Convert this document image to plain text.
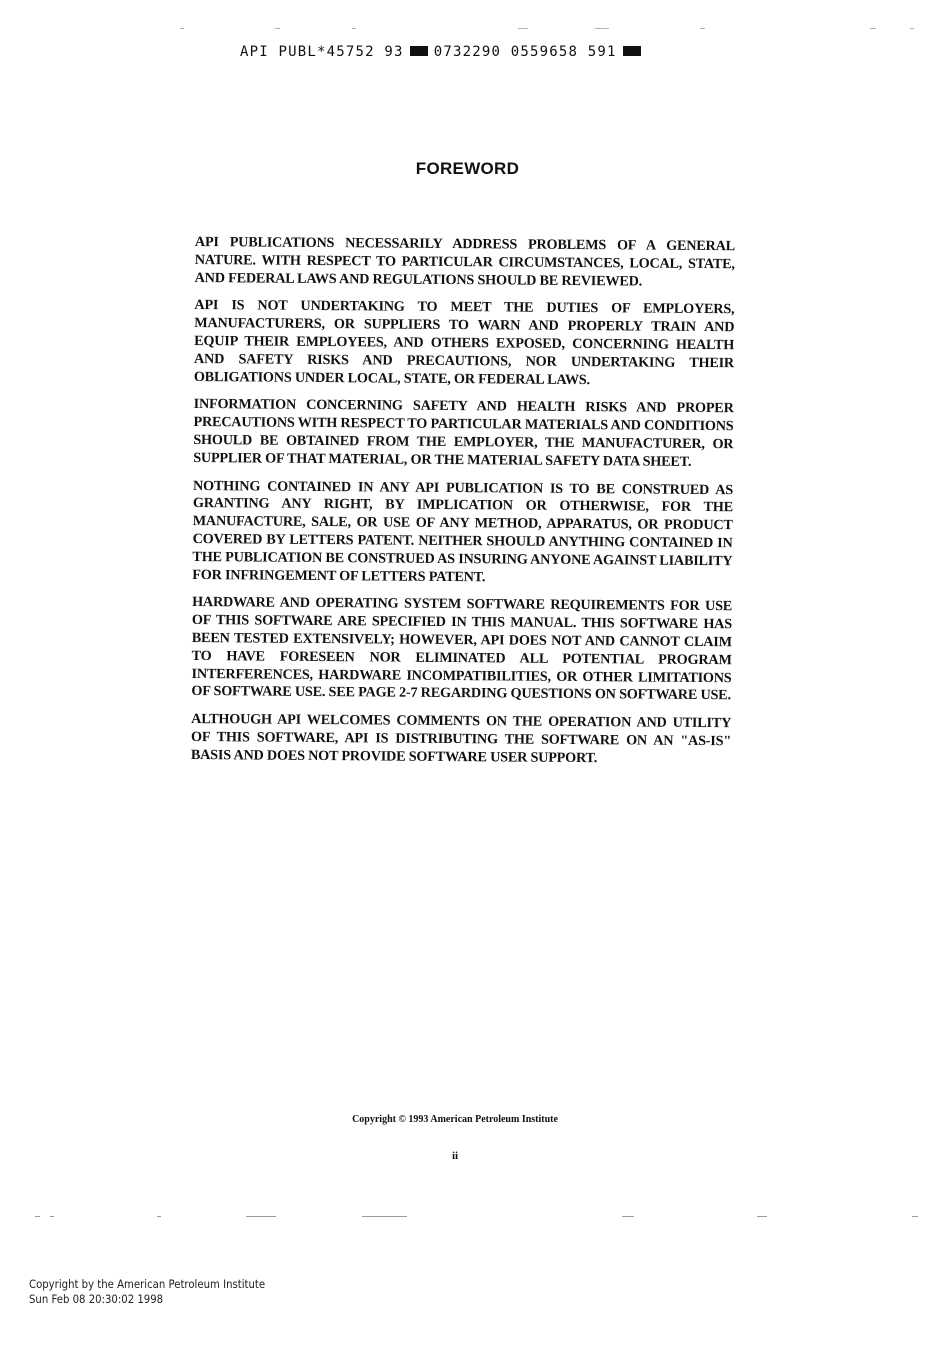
API PUBL*45752 93 0732290 0559658 591
FOREWORD

API PUBLICATIONS NECESSARILY ADDRESS PROBLEMS OF A GENERAL NATURE. WITH RESPECT TO PARTICULAR CIRCUMSTANCES, LOCAL, STATE, AND FEDERAL LAWS AND REGULATIONS SHOULD BE REVIEWED.

API IS NOT UNDERTAKING TO MEET THE DUTIES OF EMPLOYERS, MANUFACTURERS, OR SUPPLIERS TO WARN AND PROPERLY TRAIN AND EQUIP THEIR EMPLOYEES, AND OTHERS EXPOSED, CONCERNING HEALTH AND SAFETY RISKS AND PRECAUTIONS, NOR UNDERTAKING THEIR OBLIGATIONS UNDER LOCAL, STATE, OR FEDERAL LAWS.

INFORMATION CONCERNING SAFETY AND HEALTH RISKS AND PROPER PRECAUTIONS WITH RESPECT TO PARTICULAR MATERIALS AND CONDITIONS SHOULD BE OBTAINED FROM THE EMPLOYER, THE MANUFACTURER, OR SUPPLIER OF THAT MATERIAL, OR THE MATERIAL SAFETY DATA SHEET.

NOTHING CONTAINED IN ANY API PUBLICATION IS TO BE CONSTRUED AS GRANTING ANY RIGHT, BY IMPLICATION OR OTHERWISE, FOR THE MANUFACTURE, SALE, OR USE OF ANY METHOD, APPARATUS, OR PRODUCT COVERED BY LETTERS PATENT. NEITHER SHOULD ANYTHING CONTAINED IN THE PUBLICATION BE CONSTRUED AS INSURING ANYONE AGAINST LIABILITY FOR INFRINGEMENT OF LETTERS PATENT.

HARDWARE AND OPERATING SYSTEM SOFTWARE REQUIREMENTS FOR USE OF THIS SOFTWARE ARE SPECIFIED IN THIS MANUAL. THIS SOFTWARE HAS BEEN TESTED EXTENSIVELY; HOWEVER, API DOES NOT AND CANNOT CLAIM TO HAVE FORESEEN NOR ELIMINATED ALL POTENTIAL PROGRAM INTERFERENCES, HARDWARE INCOMPATIBILITIES, OR OTHER LIMITATIONS OF SOFTWARE USE. SEE PAGE 2-7 REGARDING QUESTIONS ON SOFTWARE USE.

ALTHOUGH API WELCOMES COMMENTS ON THE OPERATION AND UTILITY OF THIS SOFTWARE, API IS DISTRIBUTING THE SOFTWARE ON AN "AS-IS" BASIS AND DOES NOT PROVIDE SOFTWARE USER SUPPORT.

Copyright © 1993 American Petroleum Institute
ii
Copyright by the American Petroleum Institute
Sun Feb 08 20:30:02 1998
